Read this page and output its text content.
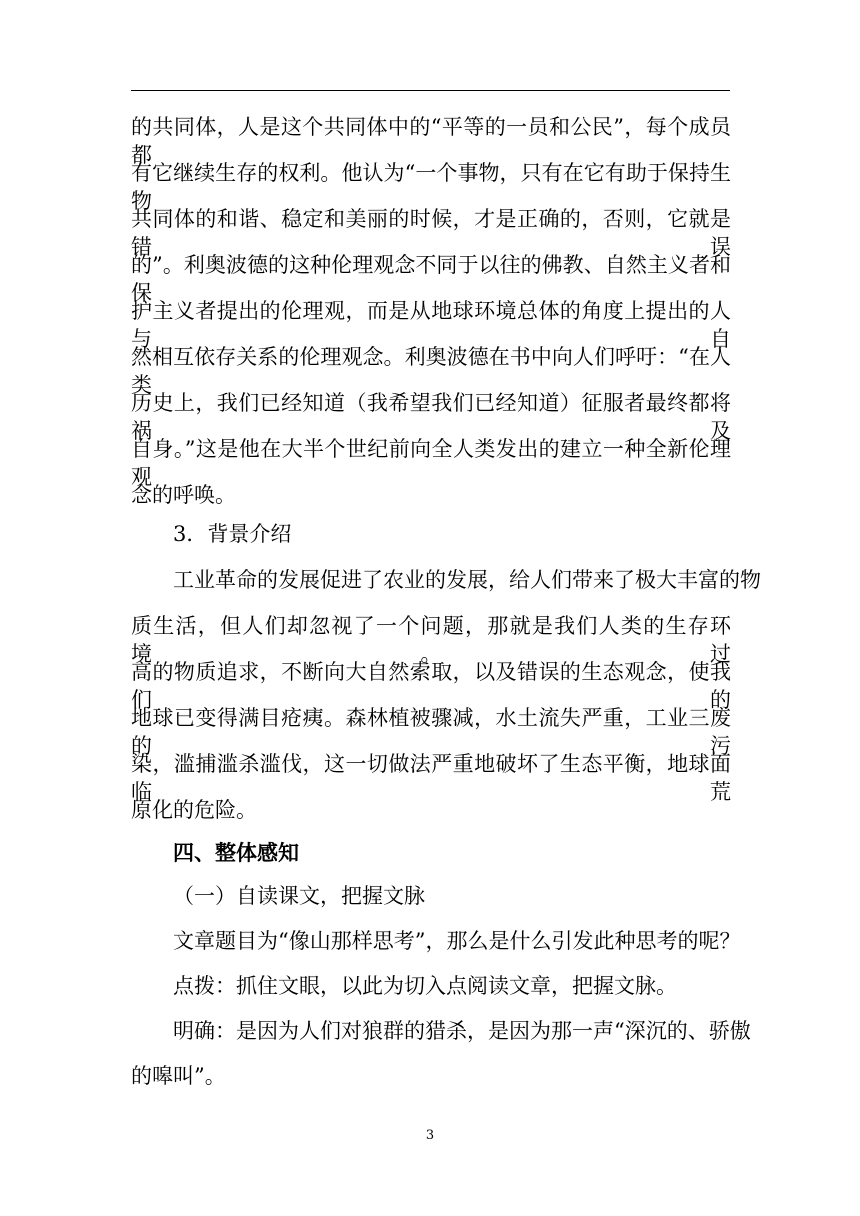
的共同体，人是这个共同体中的“平等的一员和公民”，每个成员都
有它继续生存的权利。他认为“一个事物，只有在它有助于保持生物
共同体的和谐、稳定和美丽的时候，才是正确的，否则，它就是错误
的”。利奥波德的这种伦理观念不同于以往的佛教、自然主义者和保
护主义者提出的伦理观，而是从地球环境总体的角度上提出的人与自
然相互依存关系的伦理观念。利奥波德在书中向人们呼吁：“在人类
历史上，我们已经知道（我希望我们已经知道）征服者最终都将祸及
自身。”这是他在大半个世纪前向全人类发出的建立一种全新伦理观
念的呼唤。
3．背景介绍
工业革命的发展促进了农业的发展，给人们带来了极大丰富的物
质生活，但人们却忽视了一个问题，那就是我们人类的生存环境。过
高的物质追求，不断向大自然索取，以及错误的生态观念，使我们的
地球已变得满目疮痍。森林植被骤减，水土流失严重，工业三废的污
染，滥捕滥杀滥伐，这一切做法严重地破坏了生态平衡，地球面临荒
原化的危险。
四、整体感知
（一）自读课文，把握文脉
文章题目为“像山那样思考”，那么是什么引发此种思考的呢？
点拨：抓住文眼，以此为切入点阅读文章，把握文脉。
明确：是因为人们对狼群的猎杀，是因为那一声“深沉的、骄傲
的嗥叫”。
3
